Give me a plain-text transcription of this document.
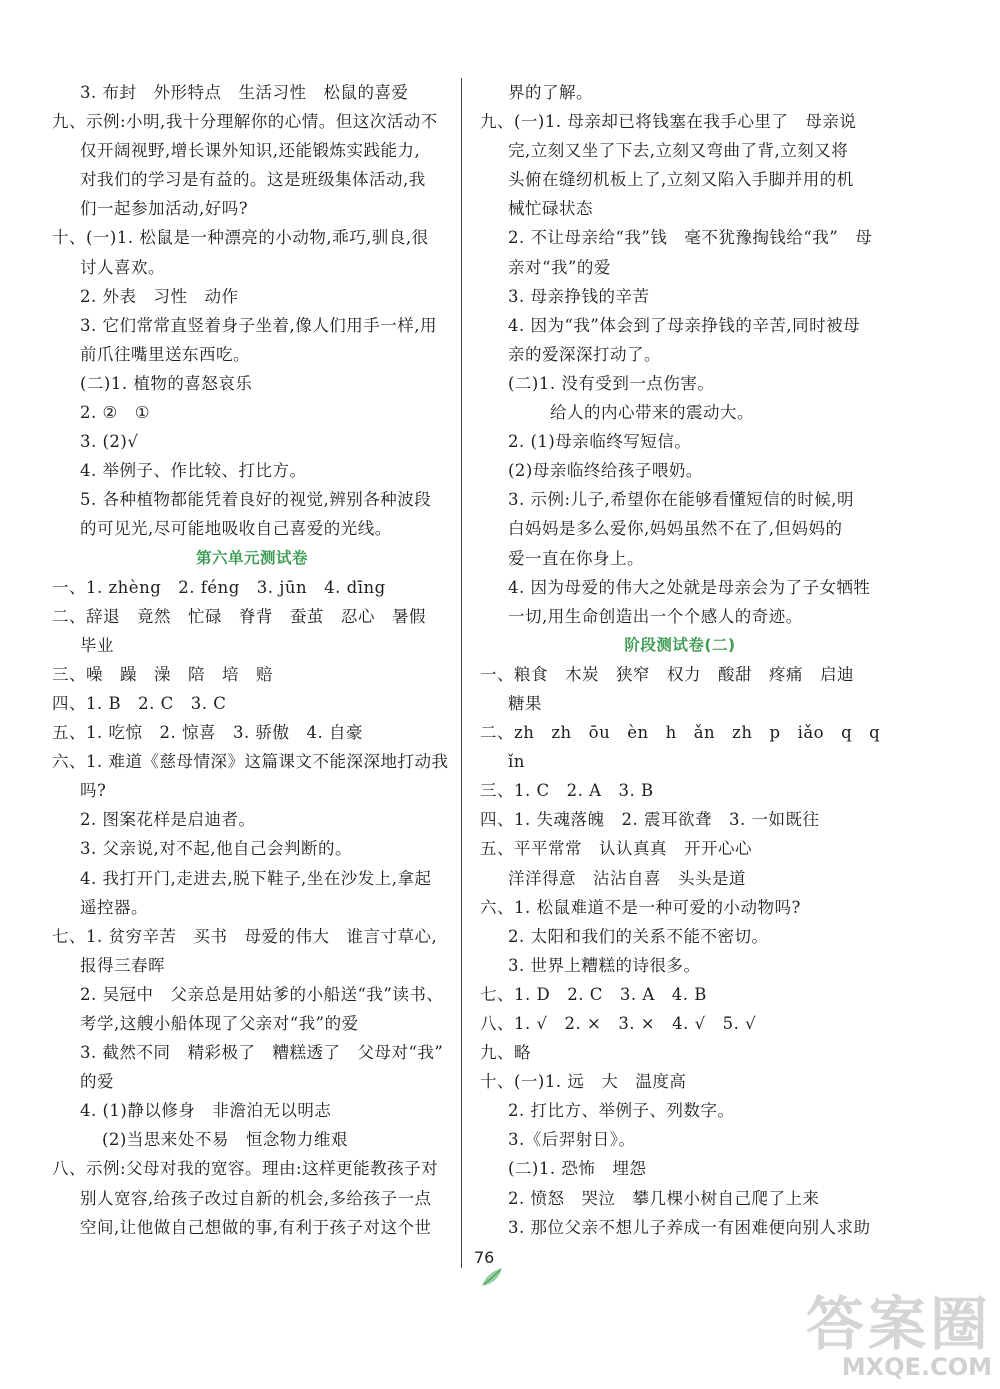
3. 布封　外形特点　生活习性　松鼠的喜爱
九、示例:小明,我十分理解你的心情。但这次活动不
仅开阔视野,增长课外知识,还能锻炼实践能力,
对我们的学习是有益的。这是班级集体活动,我
们一起参加活动,好吗?
十、(一)1. 松鼠是一种漂亮的小动物,乖巧,驯良,很
讨人喜欢。
2. 外表　习性　动作
3. 它们常常直竖着身子坐着,像人们用手一样,用
前爪往嘴里送东西吃。
(二)1. 植物的喜怒哀乐
2. ②　①
3. (2)√
4. 举例子、作比较、打比方。
5. 各种植物都能凭着良好的视觉,辨别各种波段
的可见光,尽可能地吸收自己喜爱的光线。
第六单元测试卷
一、1. zhèng　2. féng　3. jūn　4. dīng
二、辞退　竟然　忙碌　脊背　蚕茧　忍心　暑假
毕业
三、噪　躁　澡　陪　培　赔
四、1. B　2. C　3. C
五、1. 吃惊　2. 惊喜　3. 骄傲　4. 自豪
六、1. 难道《慈母情深》这篇课文不能深深地打动我
吗?
2. 图案花样是启迪者。
3. 父亲说,对不起,他自己会判断的。
4. 我打开门,走进去,脱下鞋子,坐在沙发上,拿起
遥控器。
七、1. 贫穷辛苦　买书　母爱的伟大　谁言寸草心,
报得三春晖
2. 吴冠中　父亲总是用姑爹的小船送“我”读书、
考学,这艘小船体现了父亲对“我”的爱
3. 截然不同　精彩极了　糟糕透了　父母对“我”
的爱
4. (1)静以修身　非澹泊无以明志
(2)当思来处不易　恒念物力维艰
八、示例:父母对我的宽容。理由:这样更能教孩子对
别人宽容,给孩子改过自新的机会,多给孩子一点
空间,让他做自己想做的事,有利于孩子对这个世
界的了解。
九、(一)1. 母亲却已将钱塞在我手心里了　母亲说
完,立刻又坐了下去,立刻又弯曲了背,立刻又将
头俯在缝纫机板上了,立刻又陷入手脚并用的机
械忙碌状态
2. 不让母亲给“我”钱　毫不犹豫掏钱给“我”　母
亲对“我”的爱
3. 母亲挣钱的辛苦
4. 因为“我”体会到了母亲挣钱的辛苦,同时被母
亲的爱深深打动了。
(二)1. 没有受到一点伤害。
给人的内心带来的震动大。
2. (1)母亲临终写短信。
(2)母亲临终给孩子喂奶。
3. 示例:儿子,希望你在能够看懂短信的时候,明
白妈妈是多么爱你,妈妈虽然不在了,但妈妈的
爱一直在你身上。
4. 因为母爱的伟大之处就是母亲会为了子女牺牲
一切,用生命创造出一个个感人的奇迹。
阶段测试卷(二)
一、粮食　木炭　狭窄　权力　酸甜　疼痛　启迪
糖果
二、zh　zh　ōu　èn　h　ǎn　zh　p　iǎo　q　q
ǐn
三、1. C　2. A　3. B
四、1. 失魂落魄　2. 震耳欲聋　3. 一如既往
五、平平常常　认认真真　开开心心
洋洋得意　沾沾自喜　头头是道
六、1. 松鼠难道不是一种可爱的小动物吗?
2. 太阳和我们的关系不能不密切。
3. 世界上糟糕的诗很多。
七、1. D　2. C　3. A　4. B
八、1. √　2. ×　3. ×　4. √　5. √
九、略
十、(一)1. 远　大　温度高
2. 打比方、举例子、列数字。
3.《后羿射日》。
(二)1. 恐怖　埋怨
2. 愤怒　哭泣　攀几棵小树自己爬了上来
3. 那位父亲不想儿子养成一有困难便向别人求助
76
答案圈
MXQE.COM
